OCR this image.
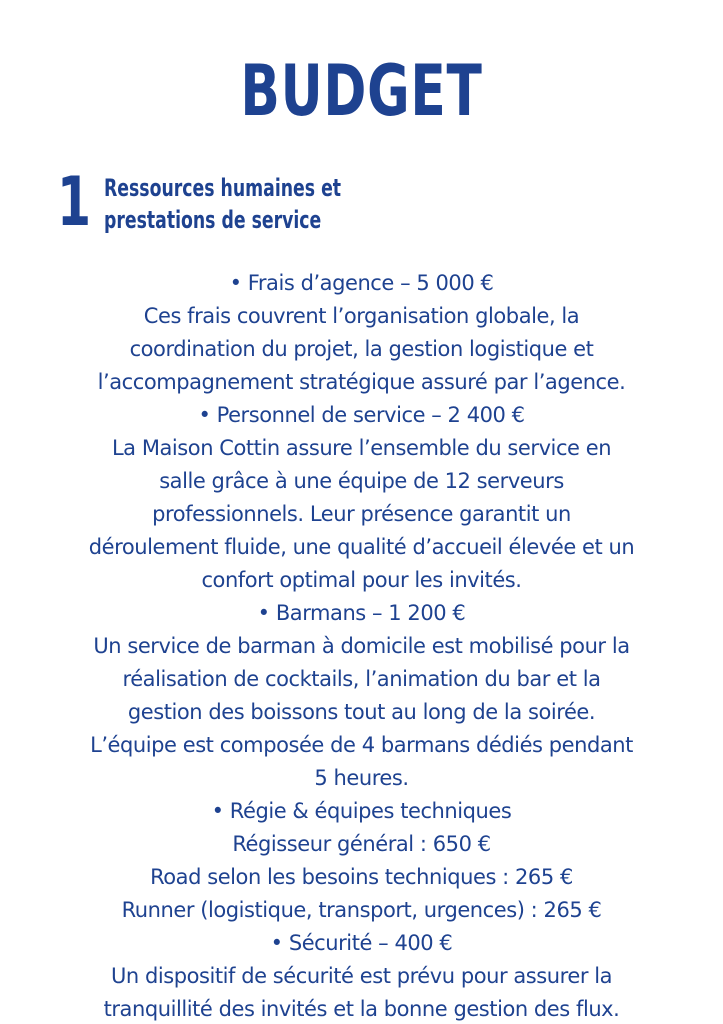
BUDGET
1 Ressources humaines et
prestations de service
• Frais d’agence – 5 000 €
Ces frais couvrent l’organisation globale, la
coordination du projet, la gestion logistique et
l’accompagnement stratégique assuré par l’agence.
• Personnel de service – 2 400 €
La Maison Cottin assure l’ensemble du service en
salle grâce à une équipe de 12 serveurs
professionnels. Leur présence garantit un
déroulement fluide, une qualité d’accueil élevée et un
confort optimal pour les invités.
• Barmans – 1 200 €
Un service de barman à domicile est mobilisé pour la
réalisation de cocktails, l’animation du bar et la
gestion des boissons tout au long de la soirée.
L’équipe est composée de 4 barmans dédiés pendant
5 heures.
• Régie & équipes techniques
Régisseur général : 650 €
Road selon les besoins techniques : 265 €
Runner (logistique, transport, urgences) : 265 €
• Sécurité – 400 €
Un dispositif de sécurité est prévu pour assurer la
tranquillité des invités et la bonne gestion des flux.
